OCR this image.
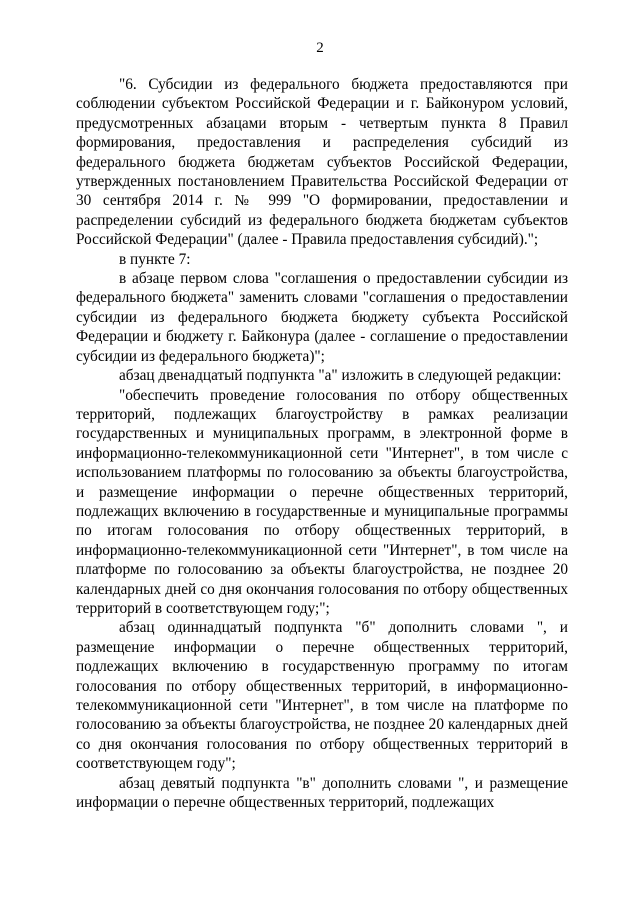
2

"6. Субсидии из федерального бюджета предоставляются при соблюдении субъектом Российской Федерации и г. Байконуром условий, предусмотренных абзацами вторым - четвертым пункта 8 Правил формирования, предоставления и распределения субсидий из федерального бюджета бюджетам субъектов Российской Федерации, утвержденных постановлением Правительства Российской Федерации от 30 сентября 2014 г. № 999 "О формировании, предоставлении и распределении субсидий из федерального бюджета бюджетам субъектов Российской Федерации" (далее - Правила предоставления субсидий).";

в пункте 7:

в абзаце первом слова "соглашения о предоставлении субсидии из федерального бюджета" заменить словами "соглашения о предоставлении субсидии из федерального бюджета бюджету субъекта Российской Федерации и бюджету г. Байконура (далее - соглашение о предоставлении субсидии из федерального бюджета)";

абзац двенадцатый подпункта "а" изложить в следующей редакции:

"обеспечить проведение голосования по отбору общественных территорий, подлежащих благоустройству в рамках реализации государственных и муниципальных программ, в электронной форме в информационно-телекоммуникационной сети "Интернет", в том числе с использованием платформы по голосованию за объекты благоустройства, и размещение информации о перечне общественных территорий, подлежащих включению в государственные и муниципальные программы по итогам голосования по отбору общественных территорий, в информационно-телекоммуникационной сети "Интернет", в том числе на платформе по голосованию за объекты благоустройства, не позднее 20 календарных дней со дня окончания голосования по отбору общественных территорий в соответствующем году;";

абзац одиннадцатый подпункта "б" дополнить словами ", и размещение информации о перечне общественных территорий, подлежащих включению в государственную программу по итогам голосования по отбору общественных территорий, в информационно-телекоммуникационной сети "Интернет", в том числе на платформе по голосованию за объекты благоустройства, не позднее 20 календарных дней со дня окончания голосования по отбору общественных территорий в соответствующем году";

абзац девятый подпункта "в" дополнить словами ", и размещение информации о перечне общественных территорий, подлежащих
